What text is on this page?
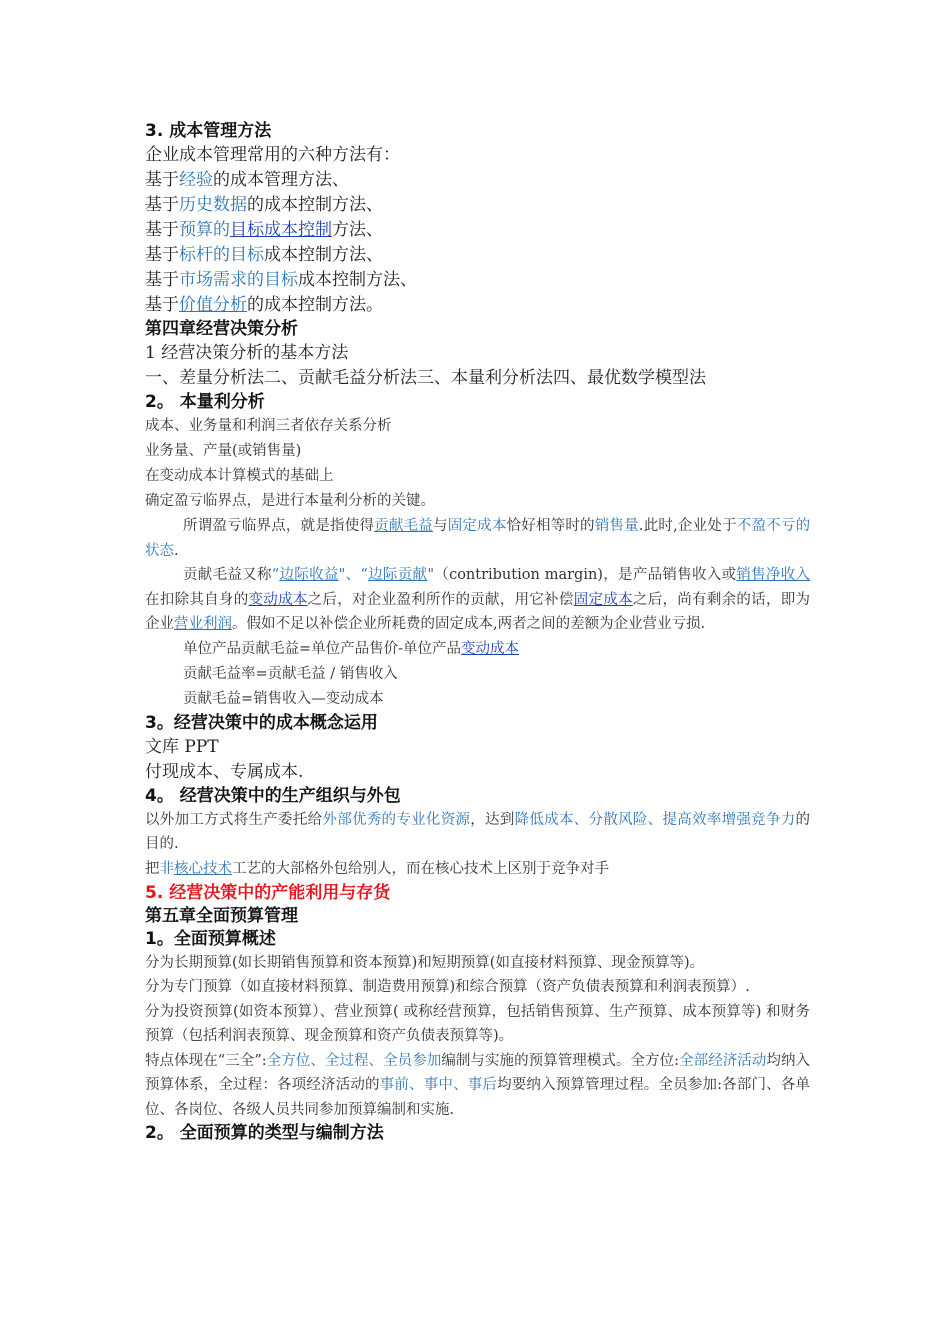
3. 成本管理方法
企业成本管理常用的六种方法有：
基于经验的成本管理方法、
基于历史数据的成本控制方法、
基于预算的目标成本控制方法、
基于标杆的目标成本控制方法、
基于市场需求的目标成本控制方法、
基于价值分析的成本控制方法。
第四章经营决策分析
1 经营决策分析的基本方法
一、差量分析法二、贡献毛益分析法三、本量利分析法四、最优数学模型法
2。 本量利分析
成本、业务量和利润三者依存关系分析
业务量、产量(或销售量)
在变动成本计算模式的基础上
确定盈亏临界点，是进行本量利分析的关键。
所谓盈亏临界点，就是指使得贡献毛益与固定成本恰好相等时的销售量.此时,企业处于不盈不亏的状态.
贡献毛益又称“边际收益"、“边际贡献"（contribution margin)，是产品销售收入或销售净收入在扣除其自身的变动成本之后，对企业盈利所作的贡献，用它补偿固定成本之后，尚有剩余的话，即为企业营业利润。假如不足以补偿企业所耗费的固定成本,两者之间的差额为企业营业亏损.
单位产品贡献毛益=单位产品售价-单位产品变动成本
贡献毛益率=贡献毛益 / 销售收入
贡献毛益=销售收入—变动成本
3。经营决策中的成本概念运用
文库 PPT
付现成本、专属成本.
4。 经营决策中的生产组织与外包
以外加工方式将生产委托给外部优秀的专业化资源，达到降低成本、分散风险、提高效率增强竞争力的目的.
把非核心技术工艺的大部格外包给别人，而在核心技术上区别于竞争对手
5. 经营决策中的产能利用与存货
第五章全面预算管理
1。全面预算概述
分为长期预算(如长期销售预算和资本预算)和短期预算(如直接材料预算、现金预算等)。
分为专门预算（如直接材料预算、制造费用预算)和综合预算（资产负债表预算和利润表预算）.
分为投资预算(如资本预算）、营业预算( 或称经营预算，包括销售预算、生产预算、成本预算等) 和财务预算（包括利润表预算、现金预算和资产负债表预算等)。
特点体现在“三全”:全方位、全过程、全员参加编制与实施的预算管理模式。全方位:全部经济活动均纳入预算体系，全过程：各项经济活动的事前、事中、事后均要纳入预算管理过程。全员参加:各部门、各单位、各岗位、各级人员共同参加预算编制和实施.
2。 全面预算的类型与编制方法
